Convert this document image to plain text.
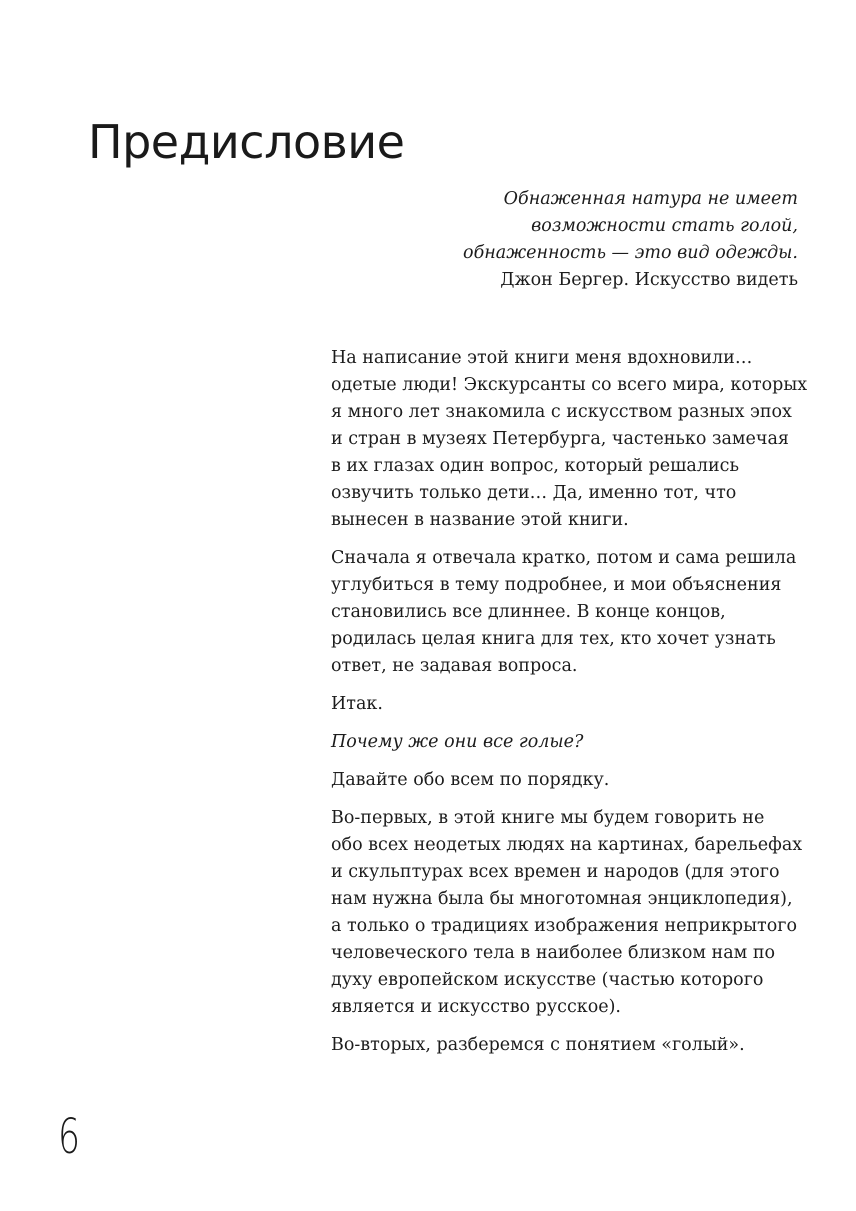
Предисловие
Обнаженная натура не имеет
возможности стать голой,
обнаженность — это вид одежды.
Джон Бергер. Искусство видеть

На написание этой книги меня вдохновили…
одетые люди! Экскурсанты со всего мира, которых
я много лет знакомила с искусством разных эпох
и стран в музеях Петербурга, частенько замечая
в их глазах один вопрос, который решались
озвучить только дети… Да, именно тот, что
вынесен в название этой книги.

Сначала я отвечала кратко, потом и сама решила
углубиться в тему подробнее, и мои объяснения
становились все длиннее. В конце концов,
родилась целая книга для тех, кто хочет узнать
ответ, не задавая вопроса.

Итак.

Почему же они все голые?

Давайте обо всем по порядку.

Во-первых, в этой книге мы будем говорить не
обо всех неодетых людях на картинах, барельефах
и скульптурах всех времен и народов (для этого
нам нужна была бы многотомная энциклопедия),
а только о традициях изображения неприкрытого
человеческого тела в наиболее близком нам по
духу европейском искусстве (частью которого
является и искусство русское).

Во-вторых, разберемся с понятием «голый».

6
